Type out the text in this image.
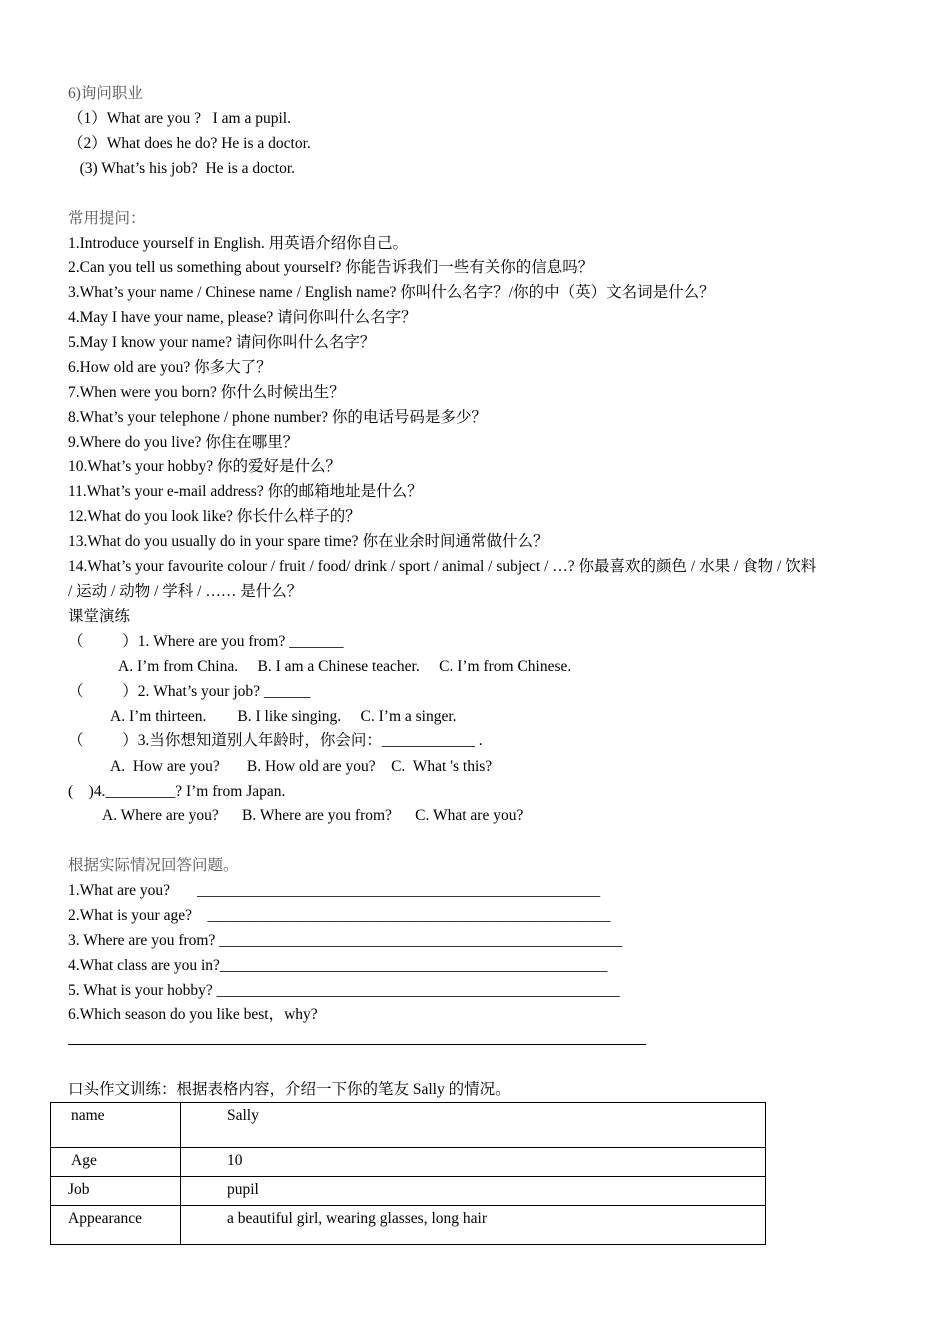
6)询问职业
（1）What are you ?   I am a pupil.
（2）What does he do? He is a doctor.
(3) What’s his job?  He is a doctor.
常用提问：
1.Introduce yourself in English. 用英语介绍你自己。
2.Can you tell us something about yourself? 你能告诉我们一些有关你的信息吗？
3.What’s your name / Chinese name / English name? 你叫什么名字？/你的中（英）文名词是什么？
4.May I have your name, please? 请问你叫什么名字？
5.May I know your name? 请问你叫什么名字？
6.How old are you? 你多大了？
7.When were you born? 你什么时候出生？
8.What’s your telephone / phone number? 你的电话号码是多少？
9.Where do you live? 你住在哪里？
10.What’s your hobby? 你的爱好是什么？
11.What’s your e-mail address? 你的邮箱地址是什么？
12.What do you look like? 你长什么样子的？
13.What do you usually do in your spare time? 你在业余时间通常做什么？
14.What’s your favourite colour / fruit / food/ drink / sport / animal / subject / …? 你最喜欢的颜色 / 水果 / 食物 / 饮料
/ 运动 / 动物 / 学科 / …… 是什么？
课堂演练
（          ）1. Where are you from? _______
A. I’m from China.     B. I am a Chinese teacher.     C. I’m from Chinese.
（          ）2. What’s your job? ______
A. I’m thirteen.        B. I like singing.     C. I’m a singer.
（          ）3.当你想知道别人年龄时，你会问：____________ .
A.  How are you?       B. How old are you?    C.  What 's this?
(    )4._________? I’m from Japan.
A. Where are you?      B. Where are you from?      C. What are you?
根据实际情况回答问题。
1.What are you?       ____________________________________________________
2.What is your age?    ____________________________________________________
3. Where are you from? ____________________________________________________
4.What class are you in?__________________________________________________
5. What is your hobby? ____________________________________________________
6.Which season do you like best，why?
口头作文训练：根据表格内容，介绍一下你的笔友 Sally 的情况。
name	Sally

Age	10

Job	pupil

Appearance	a beautiful girl, wearing glasses, long hair
